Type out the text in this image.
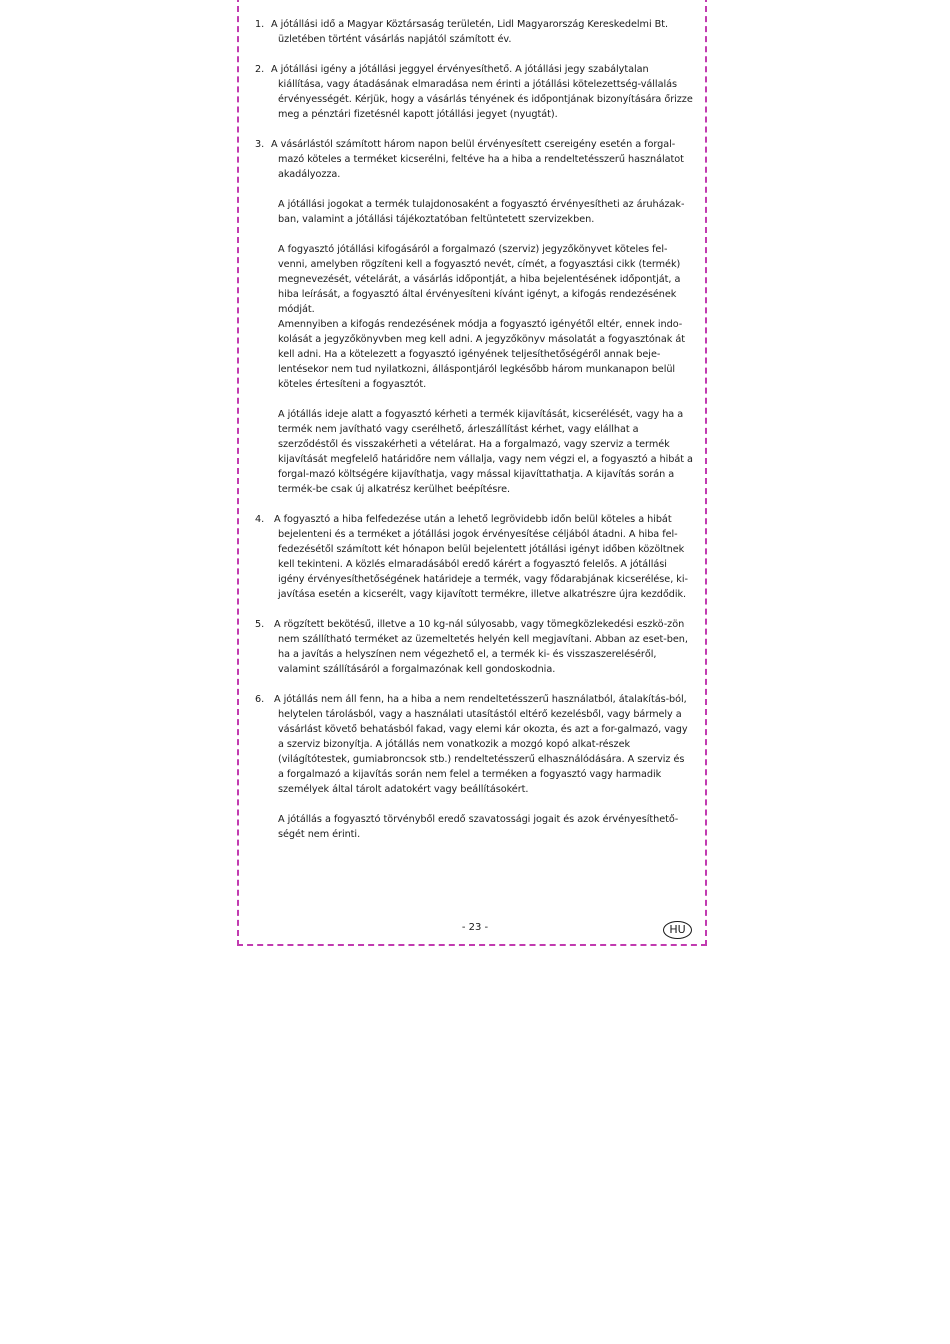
1. A jótállási idő a Magyar Köztársaság területén, Lidl Magyarország Kereskedelmi Bt. üzletében történt vásárlás napjától számított év.
2. A jótállási igény a jótállási jeggyel érvényesíthető. A jótállási jegy szabálytalan kiállítása, vagy átadásának elmaradása nem érinti a jótállási kötelezettség-vállalás érvényességét. Kérjük, hogy a vásárlás tényének és időpontjának bizonyítására őrizze meg a pénztári fizetésnél kapott jótállási jegyet (nyugtát).
3. A vásárlástól számított három napon belül érvényesített csereigény esetén a forgal-mazó köteles a terméket kicserélni, feltéve ha a hiba a rendeltetésszerű használatot akadályozza.
A jótállási jogokat a termék tulajdonosaként a fogyasztó érvényesítheti az áruházak-ban, valamint a jótállási tájékoztatóban feltüntetett szervizekben.
A fogyasztó jótállási kifogásáról a forgalmazó (szerviz) jegyzőkönyvet köteles fel-venni, amelyben rögzíteni kell a fogyasztó nevét, címét, a fogyasztási cikk (termék) megnevezését, vételárát, a vásárlás időpontját, a hiba bejelentésének időpontját, a hiba leírását, a fogyasztó által érvényesíteni kívánt igényt, a kifogás rendezésének módját.
Amennyiben a kifogás rendezésének módja a fogyasztó igényétől eltér, ennek indo-kolását a jegyzőkönyvben meg kell adni. A jegyzőkönyv másolatát a fogyasztónak át kell adni. Ha a kötelezett a fogyasztó igényének teljesíthetőségéről annak beje-lentésekor nem tud nyilatkozni, álláspontjáról legkésőbb három munkanapon belül köteles értesíteni a fogyasztót.
A jótállás ideje alatt a fogyasztó kérheti a termék kijavítását, kicserélését, vagy ha a termék nem javítható vagy cserélhető, árleszállítást kérhet, vagy elállhat a szerződéstől és visszakérheti a vételárat. Ha a forgalmazó, vagy szerviz a termék kijavítását megfelelő határidőre nem vállalja, vagy nem végzi el, a fogyasztó a hibát a forgal-mazó költségére kijavíthatja, vagy mással kijavíttathatja. A kijavítás során a termék-be csak új alkatrész kerülhet beépítésre.
4. A fogyasztó a hiba felfedezése után a lehető legrövidebb időn belül köteles a hibát bejelenteni és a terméket a jótállási jogok érvényesítése céljából átadni. A hiba fel-fedezésétől számított két hónapon belül bejelentett jótállási igényt időben közöltnek kell tekinteni. A közlés elmaradásából eredő kárért a fogyasztó felelős. A jótállási igény érvényesíthetőségének határideje a termék, vagy fődarabjának kicserélése, ki-javítása esetén a kicserélt, vagy kijavított termékre, illetve alkatrészre újra kezdődik.
5. A rögzített bekötésű, illetve a 10 kg-nál súlyosabb, vagy tömegközlekedési eszkö-zön nem szállítható terméket az üzemeltetés helyén kell megjavítani. Abban az eset-ben, ha a javítás a helyszínen nem végezhető el, a termék ki- és visszaszereléséről, valamint szállításáról a forgalmazónak kell gondoskodnia.
6. A jótállás nem áll fenn, ha a hiba a nem rendeltetésszerű használatból, átalakítás-ból, helytelen tárolásból, vagy a használati utasítástól eltérő kezelésből, vagy bármely a vásárlást követő behatásból fakad, vagy elemi kár okozta, és azt a for-galmazó, vagy a szerviz bizonyítja. A jótállás nem vonatkozik a mozgó kopó alkat-részek (világítótestek, gumiabroncsok stb.) rendeltetésszerű elhasználódására. A szerviz és a forgalmazó a kijavítás során nem felel a terméken a fogyasztó vagy harmadik személyek által tárolt adatokért vagy beállításokért.
A jótállás a fogyasztó törvényből eredő szavatossági jogait és azok érvényesíthető-ségét nem érinti.
- 23 -	HU
